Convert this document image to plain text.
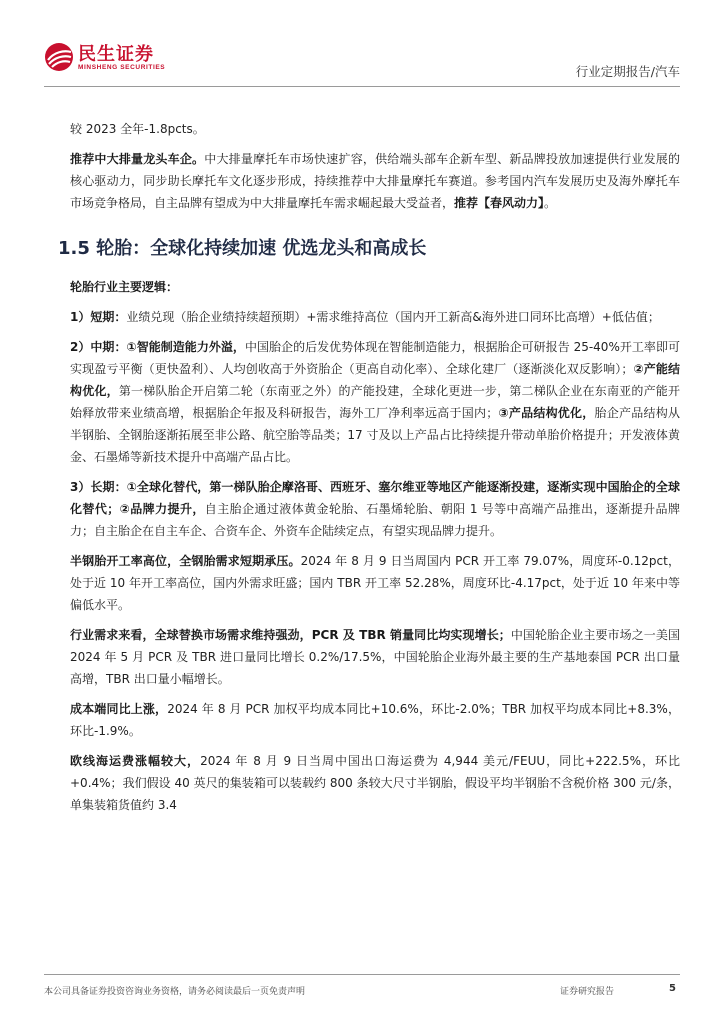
民生证券
MINSHENG SECURITIES	行业定期报告/汽车

较 2023 全年-1.8pcts。

推荐中大排量龙头车企。中大排量摩托车市场快速扩容，供给端头部车企新车型、新品牌投放加速提供行业发展的核心驱动力，同步助长摩托车文化逐步形成，持续推荐中大排量摩托车赛道。参考国内汽车发展历史及海外摩托车市场竞争格局，自主品牌有望成为中大排量摩托车需求崛起最大受益者，推荐【春风动力】。

1.5 轮胎：全球化持续加速 优选龙头和高成长

轮胎行业主要逻辑：

1）短期：业绩兑现（胎企业绩持续超预期）+需求维持高位（国内开工新高&海外进口同环比高增）+低估值；

2）中期：①智能制造能力外溢，中国胎企的后发优势体现在智能制造能力，根据胎企可研报告 25-40%开工率即可实现盈亏平衡（更快盈利）、人均创收高于外资胎企（更高自动化率）、全球化建厂（逐渐淡化双反影响）；②产能结构优化，第一梯队胎企开启第二轮（东南亚之外）的产能投建，全球化更进一步，第二梯队企业在东南亚的产能开始释放带来业绩高增，根据胎企年报及科研报告，海外工厂净利率远高于国内；③产品结构优化，胎企产品结构从半钢胎、全钢胎逐渐拓展至非公路、航空胎等品类；17 寸及以上产品占比持续提升带动单胎价格提升；开发液体黄金、石墨烯等新技术提升中高端产品占比。

3）长期：①全球化替代，第一梯队胎企摩洛哥、西班牙、塞尔维亚等地区产能逐渐投建，逐渐实现中国胎企的全球化替代；②品牌力提升，自主胎企通过液体黄金轮胎、石墨烯轮胎、朝阳 1 号等中高端产品推出，逐渐提升品牌力；自主胎企在自主车企、合资车企、外资车企陆续定点，有望实现品牌力提升。

半钢胎开工率高位，全钢胎需求短期承压。2024 年 8 月 9 日当周国内 PCR 开工率 79.07%，周度环-0.12pct，处于近 10 年开工率高位，国内外需求旺盛；国内 TBR 开工率 52.28%，周度环比-4.17pct，处于近 10 年来中等偏低水平。

行业需求来看，全球替换市场需求维持强劲，PCR 及 TBR 销量同比均实现增长；中国轮胎企业主要市场之一美国 2024 年 5 月 PCR 及 TBR 进口量同比增长 0.2%/17.5%，中国轮胎企业海外最主要的生产基地泰国 PCR 出口量高增，TBR 出口量小幅增长。

成本端同比上涨，2024 年 8 月 PCR 加权平均成本同比+10.6%，环比-2.0%；TBR 加权平均成本同比+8.3%，环比-1.9%。

欧线海运费涨幅较大，2024 年 8 月 9 日当周中国出口海运费为 4,944 美元/FEUU，同比+222.5%，环比+0.4%；我们假设 40 英尺的集装箱可以装载约 800 条较大尺寸半钢胎，假设平均半钢胎不含税价格 300 元/条，单集装箱货值约 3.4

本公司具备证券投资咨询业务资格，请务必阅读最后一页免责声明	证券研究报告	5
